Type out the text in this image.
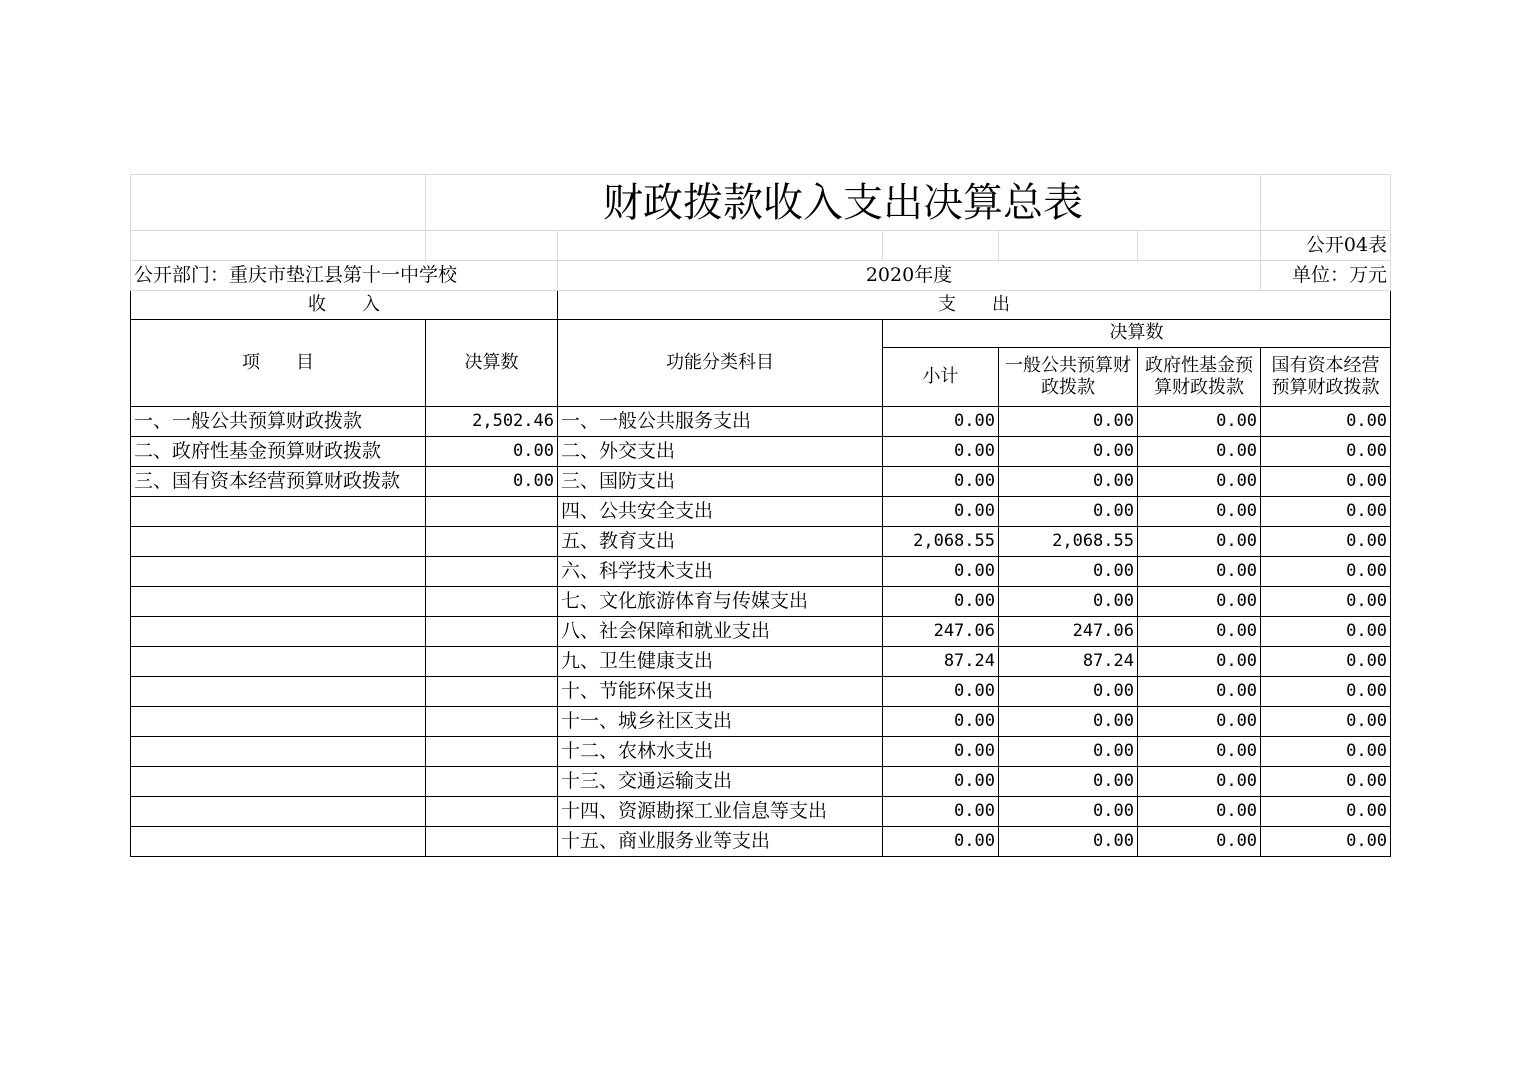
	财政拨款收入支出决算总表					
						公开04表
公开部门：重庆市垫江县第十一中学校		2020年度				单位：万元
收　　入		支　　出				
项　　目	决算数	功能分类科目	决算数			
			小计	一般公共预算财政拨款	政府性基金预算财政拨款	国有资本经营预算财政拨款
一、一般公共预算财政拨款	2,502.46	一、一般公共服务支出	0.00	0.00	0.00	0.00
二、政府性基金预算财政拨款	0.00	二、外交支出	0.00	0.00	0.00	0.00
三、国有资本经营预算财政拨款	0.00	三、国防支出	0.00	0.00	0.00	0.00
		四、公共安全支出	0.00	0.00	0.00	0.00
		五、教育支出	2,068.55	2,068.55	0.00	0.00
		六、科学技术支出	0.00	0.00	0.00	0.00
		七、文化旅游体育与传媒支出	0.00	0.00	0.00	0.00
		八、社会保障和就业支出	247.06	247.06	0.00	0.00
		九、卫生健康支出	87.24	87.24	0.00	0.00
		十、节能环保支出	0.00	0.00	0.00	0.00
		十一、城乡社区支出	0.00	0.00	0.00	0.00
		十二、农林水支出	0.00	0.00	0.00	0.00
		十三、交通运输支出	0.00	0.00	0.00	0.00
		十四、资源勘探工业信息等支出	0.00	0.00	0.00	0.00
		十五、商业服务业等支出	0.00	0.00	0.00	0.00
